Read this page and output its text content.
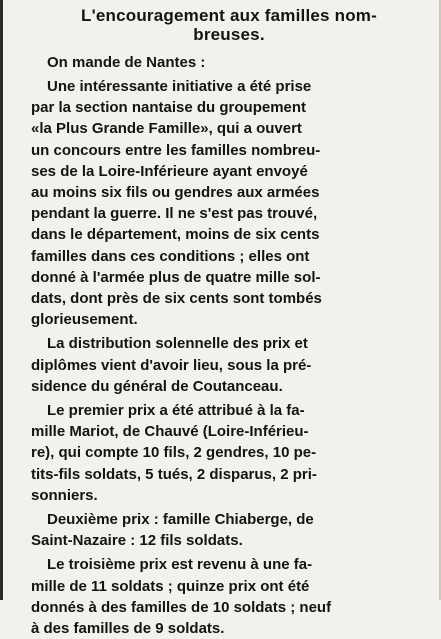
L'encouragement aux familles nom-
breuses.
On mande de Nantes :
Une intéressante initiative a été prise
par la section nantaise du groupement
«la Plus Grande Famille», qui a ouvert
un concours entre les familles nombreu-
ses de la Loire-Inférieure ayant envoyé
au moins six fils ou gendres aux armées
pendant la guerre. Il ne s'est pas trouvé,
dans le département, moins de six cents
familles dans ces conditions ; elles ont
donné à l'armée plus de quatre mille sol-
dats, dont près de six cents sont tombés
glorieusement.
La distribution solennelle des prix et
diplômes vient d'avoir lieu, sous la pré-
sidence du général de Coutanceau.
Le premier prix a été attribué à la fa-
mille Mariot, de Chauvé (Loire-Inférieu-
re), qui compte 10 fils, 2 gendres, 10 pe-
tits-fils soldats, 5 tués, 2 disparus, 2 pri-
sonniers.
Deuxième prix : famille Chiaberge, de
Saint-Nazaire : 12 fils soldats.
Le troisième prix est revenu à une fa-
mille de 11 soldats ; quinze prix ont été
donnés à des familles de 10 soldats ; neuf
à des familles de 9 soldats.
